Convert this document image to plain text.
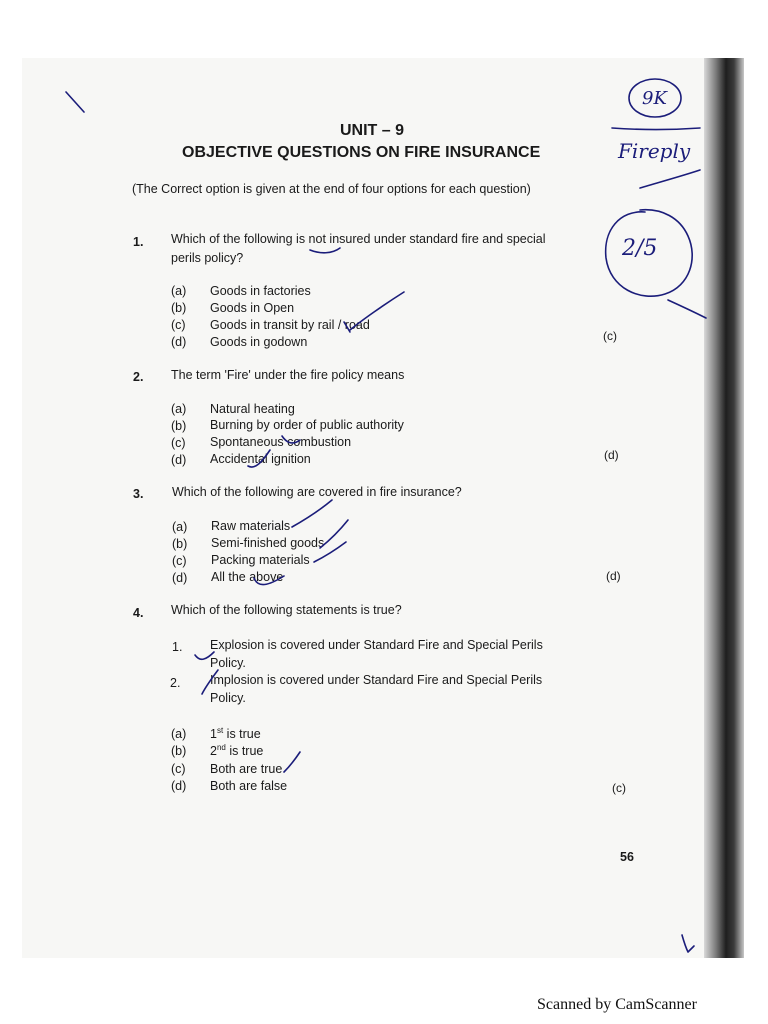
UNIT – 9
OBJECTIVE QUESTIONS ON FIRE INSURANCE
(The Correct option is given at the end of four options for each question)
1. Which of the following is not insured under standard fire and special
perils policy?
(a) Goods in factories
(b) Goods in Open
(c) Goods in transit by rail / road
(d) Goods in godown	(c)
2. The term 'Fire' under the fire policy means
(a) Natural heating
(b) Burning by order of public authority
(c) Spontaneous combustion
(d) Accidental ignition	(d)
3. Which of the following are covered in fire insurance?
(a) Raw materials
(b) Semi-finished goods
(c) Packing materials
(d) All the above	(d)
4. Which of the following statements is true?
1. Explosion is covered under Standard Fire and Special Perils
Policy.
2. Implosion is covered under Standard Fire and Special Perils
Policy.
(a) 1st is true
(b) 2nd is true
(c) Both are true
(d) Both are false	(c)
56
9K
Fireply
2/5
Scanned by CamScanner
